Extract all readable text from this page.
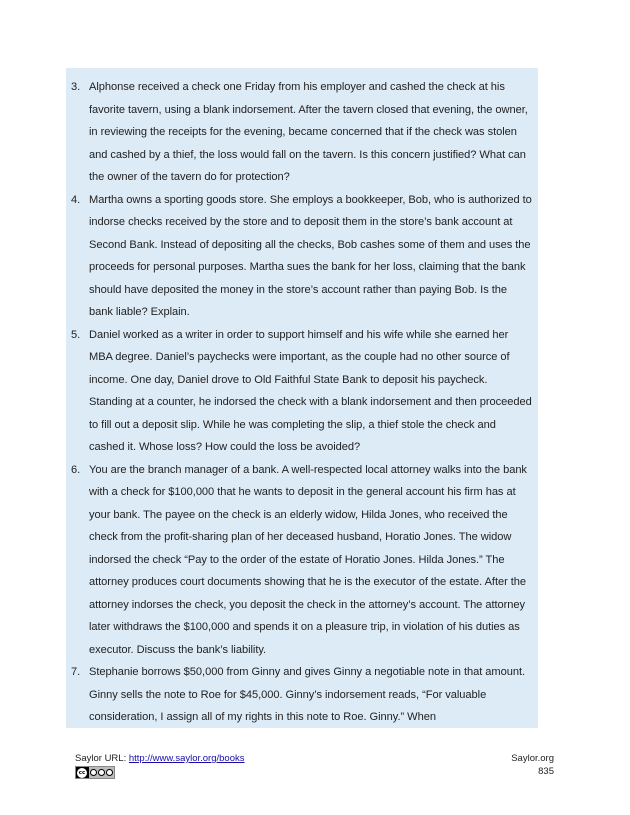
3. Alphonse received a check one Friday from his employer and cashed the check at his favorite tavern, using a blank indorsement. After the tavern closed that evening, the owner, in reviewing the receipts for the evening, became concerned that if the check was stolen and cashed by a thief, the loss would fall on the tavern. Is this concern justified? What can the owner of the tavern do for protection?
4. Martha owns a sporting goods store. She employs a bookkeeper, Bob, who is authorized to indorse checks received by the store and to deposit them in the store’s bank account at Second Bank. Instead of depositing all the checks, Bob cashes some of them and uses the proceeds for personal purposes. Martha sues the bank for her loss, claiming that the bank should have deposited the money in the store’s account rather than paying Bob. Is the bank liable? Explain.
5. Daniel worked as a writer in order to support himself and his wife while she earned her MBA degree. Daniel’s paychecks were important, as the couple had no other source of income. One day, Daniel drove to Old Faithful State Bank to deposit his paycheck. Standing at a counter, he indorsed the check with a blank indorsement and then proceeded to fill out a deposit slip. While he was completing the slip, a thief stole the check and cashed it. Whose loss? How could the loss be avoided?
6. You are the branch manager of a bank. A well-respected local attorney walks into the bank with a check for $100,000 that he wants to deposit in the general account his firm has at your bank. The payee on the check is an elderly widow, Hilda Jones, who received the check from the profit-sharing plan of her deceased husband, Horatio Jones. The widow indorsed the check “Pay to the order of the estate of Horatio Jones. Hilda Jones.” The attorney produces court documents showing that he is the executor of the estate. After the attorney indorses the check, you deposit the check in the attorney’s account. The attorney later withdraws the $100,000 and spends it on a pleasure trip, in violation of his duties as executor. Discuss the bank’s liability.
7. Stephanie borrows $50,000 from Ginny and gives Ginny a negotiable note in that amount. Ginny sells the note to Roe for $45,000. Ginny’s indorsement reads, “For valuable consideration, I assign all of my rights in this note to Roe. Ginny.” When
Saylor URL: http://www.saylor.org/books
cc
Saylor.org
835
